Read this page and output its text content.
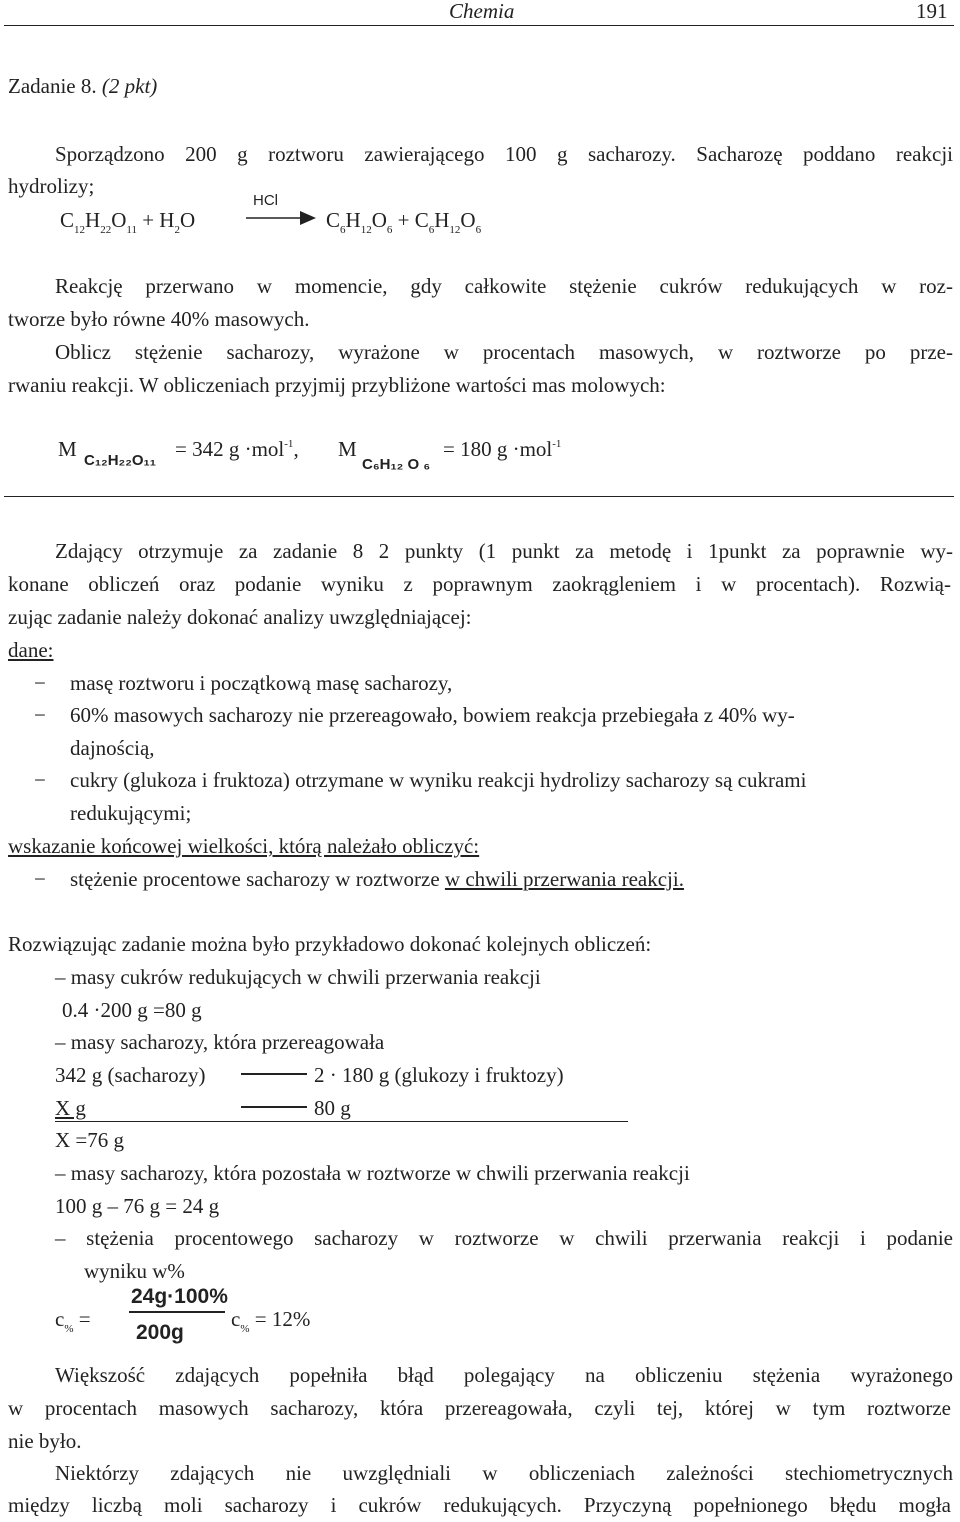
Chemia	191
Zadanie 8. (2 pkt)
Sporządzono 200 g roztworu zawierającego 100 g sacharozy. Sacharozę poddano reakcji
hydrolizy;
$C_{12}H_{22}O_{11} + H_2O$
HCl
$C_6H_{12}O_6 + C_6H_{12}O_6$
Reakcję przerwano w momencie, gdy całkowite stężenie cukrów redukujących w roz-
tworze było równe 40% masowych.
Oblicz stężenie sacharozy, wyrażone w procentach masowych, w roztworze po prze-
rwaniu reakcji. W obliczeniach przyjmij przybliżone wartości mas molowych:
M C₁₂H₂₂O₁₁ = 342 g ·mol$^{-1}$, M
C₆H₁₂ O ₆
= 180 g ·mol$^{-1}$
Zdający otrzymuje za zadanie 8 2 punkty (1 punkt za metodę i 1punkt za poprawnie wy-
konane obliczeń oraz podanie wyniku z poprawnym zaokrągleniem i w procentach). Rozwią-
zując zadanie należy dokonać analizy uwzględniającej:
dane:
− masę roztworu i początkową masę sacharozy,
− 60% masowych sacharozy nie przereagowało, bowiem reakcja przebiegała z 40% wy-
dajnością,
− cukry (glukoza i fruktoza) otrzymane w wyniku reakcji hydrolizy sacharozy są cukrami
redukującymi;
wskazanie końcowej wielkości, którą należało obliczyć:
− stężenie procentowe sacharozy w roztworze w chwili przerwania reakcji.
Rozwiązując zadanie można było przykładowo dokonać kolejnych obliczeń:
– masy cukrów redukujących w chwili przerwania reakcji
0.4 ·200 g =80 g
– masy sacharozy, która przereagowała
342 g (sacharozy)	2 · 180 g (glukozy i fruktozy)
X g	80 g
X =76 g
– masy sacharozy, która pozostała w roztworze w chwili przerwania reakcji
100 g – 76 g = 24 g
– stężenia procentowego sacharozy w roztworze w chwili przerwania reakcji i podanie
wyniku w%
$c_{\%}$ =
24g·100%
200g
$c_{\%} = 12\%$
Większość zdających popełniła błąd polegający na obliczeniu stężenia wyrażonego
w procentach masowych sacharozy, która przereagowała, czyli tej, której w tym roztworze
nie było.
Niektórzy zdających nie uwzględniali w obliczeniach zależności stechiometrycznych
między liczbą moli sacharozy i cukrów redukujących. Przyczyną popełnionego błędu mogła
